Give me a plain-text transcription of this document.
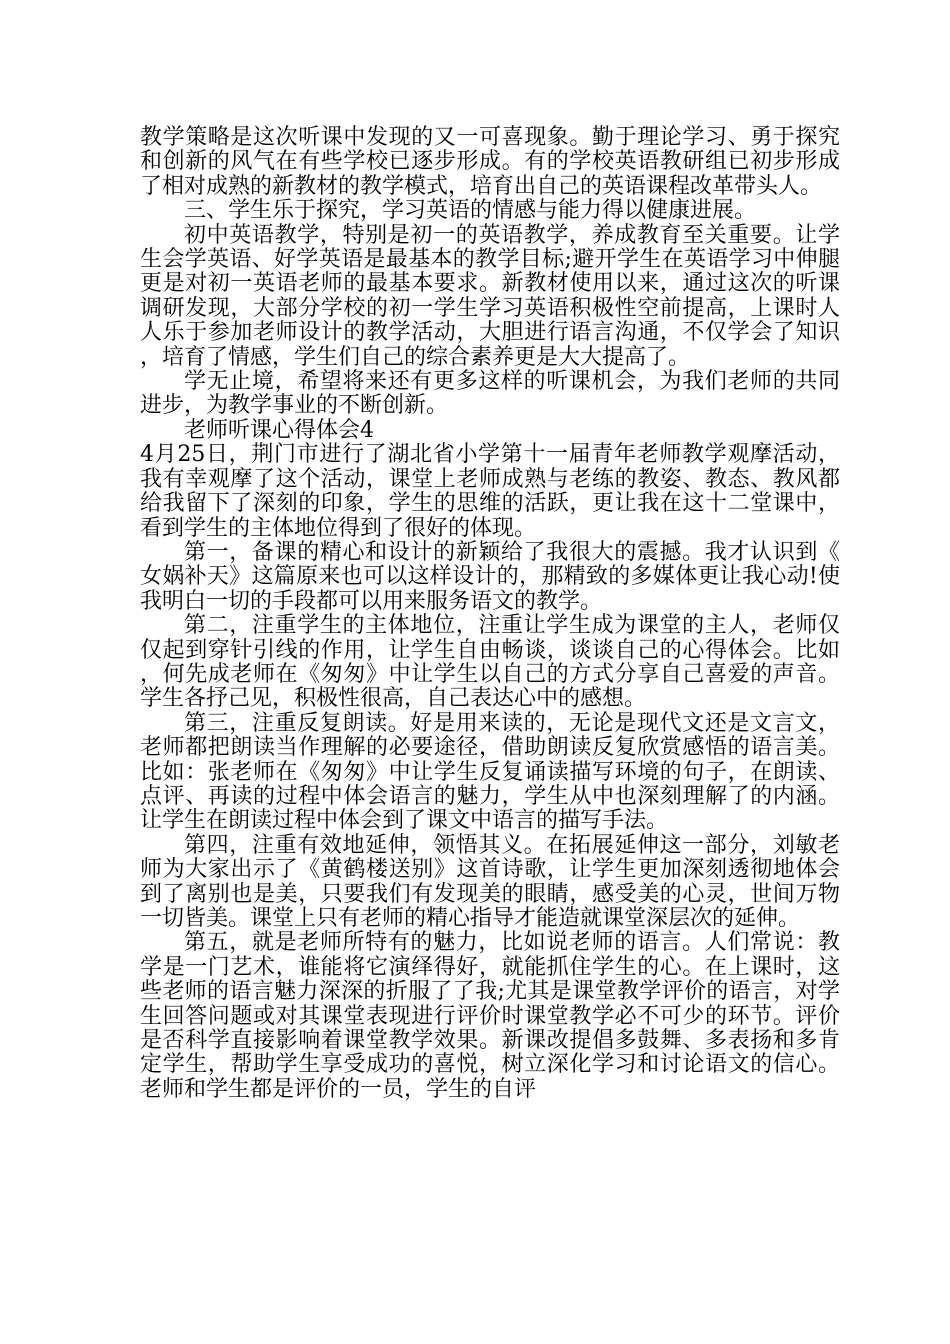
教学策略是这次听课中发现的又一可喜现象。勤于理论学习、勇于探究和创新的风气在有些学校已逐步形成。有的学校英语教研组已初步形成了相对成熟的新教材的教学模式，培育出自己的英语课程改革带头人。

三、学生乐于探究，学习英语的情感与能力得以健康进展。

初中英语教学，特别是初一的英语教学，养成教育至关重要。让学生会学英语、好学英语是最基本的教学目标;避开学生在英语学习中伸腿更是对初一英语老师的最基本要求。新教材使用以来，通过这次的听课调研发现，大部分学校的初一学生学习英语积极性空前提高，上课时人人乐于参加老师设计的教学活动，大胆进行语言沟通，不仅学会了知识，培育了情感，学生们自己的综合素养更是大大提高了。

学无止境，希望将来还有更多这样的听课机会，为我们老师的共同进步，为教学事业的不断创新。

老师听课心得体会4

4月25日，荆门市进行了湖北省小学第十一届青年老师教学观摩活动，我有幸观摩了这个活动，课堂上老师成熟与老练的教姿、教态、教风都给我留下了深刻的印象，学生的思维的活跃，更让我在这十二堂课中，看到学生的主体地位得到了很好的体现。

第一，备课的精心和设计的新颖给了我很大的震撼。我才认识到《女娲补天》这篇原来也可以这样设计的，那精致的多媒体更让我心动!使我明白一切的手段都可以用来服务语文的教学。

第二，注重学生的主体地位，注重让学生成为课堂的主人，老师仅仅起到穿针引线的作用，让学生自由畅谈，谈谈自己的心得体会。比如，何先成老师在《匆匆》中让学生以自己的方式分享自己喜爱的声音。学生各抒己见，积极性很高，自己表达心中的感想。

第三，注重反复朗读。好是用来读的，无论是现代文还是文言文，老师都把朗读当作理解的必要途径，借助朗读反复欣赏感悟的语言美。比如：张老师在《匆匆》中让学生反复诵读描写环境的句子，在朗读、点评、再读的过程中体会语言的魅力，学生从中也深刻理解了的内涵。让学生在朗读过程中体会到了课文中语言的描写手法。

第四，注重有效地延伸，领悟其义。在拓展延伸这一部分，刘敏老师为大家出示了《黄鹤楼送别》这首诗歌，让学生更加深刻透彻地体会到了离别也是美，只要我们有发现美的眼睛，感受美的心灵，世间万物一切皆美。课堂上只有老师的精心指导才能造就课堂深层次的延伸。

第五，就是老师所特有的魅力，比如说老师的语言。人们常说：教学是一门艺术，谁能将它演绎得好，就能抓住学生的心。在上课时，这些老师的语言魅力深深的折服了了我;尤其是课堂教学评价的语言，对学生回答问题或对其课堂表现进行评价时课堂教学必不可少的环节。评价是否科学直接影响着课堂教学效果。新课改提倡多鼓舞、多表扬和多肯定学生，帮助学生享受成功的喜悦，树立深化学习和讨论语文的信心。老师和学生都是评价的一员，学生的自评
